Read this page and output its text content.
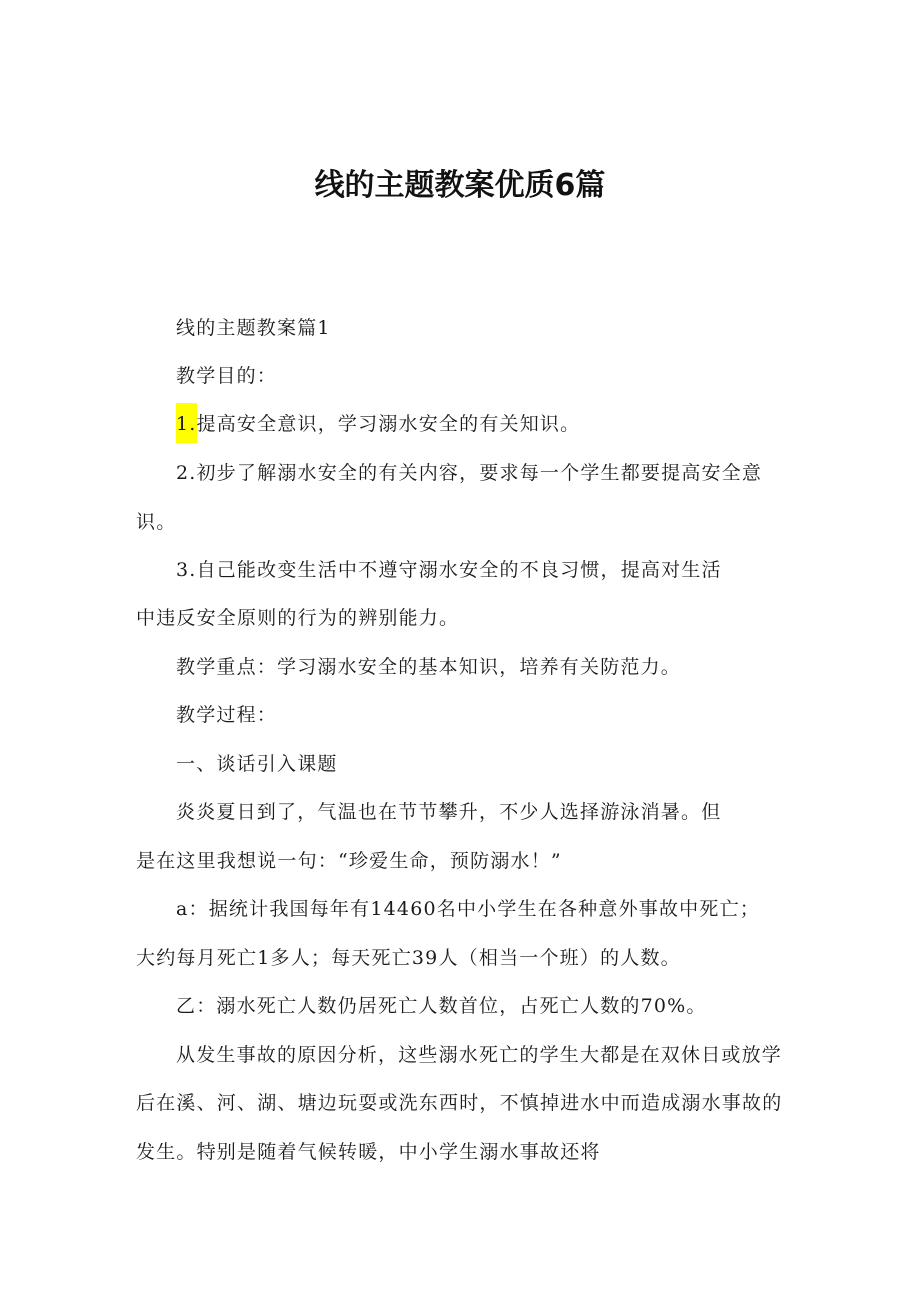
线的主题教案优质6篇
线的主题教案篇1
教学目的：
1.提高安全意识，学习溺水安全的有关知识。
2.初步了解溺水安全的有关内容，要求每一个学生都要提高安全意
识。
3.自己能改变生活中不遵守溺水安全的不良习惯，提高对生活
中违反安全原则的行为的辨别能力。
教学重点：学习溺水安全的基本知识，培养有关防范力。
教学过程：
一、谈话引入课题
炎炎夏日到了，气温也在节节攀升，不少人选择游泳消暑。但
是在这里我想说一句：“珍爱生命，预防溺水！”
a：据统计我国每年有14460名中小学生在各种意外事故中死亡；
大约每月死亡1多人；每天死亡39人（相当一个班）的人数。
乙：溺水死亡人数仍居死亡人数首位，占死亡人数的70%。
从发生事故的原因分析，这些溺水死亡的学生大都是在双休日或放学
后在溪、河、湖、塘边玩耍或洗东西时，不慎掉进水中而造成溺水事故的
发生。特别是随着气候转暖，中小学生溺水事故还将
